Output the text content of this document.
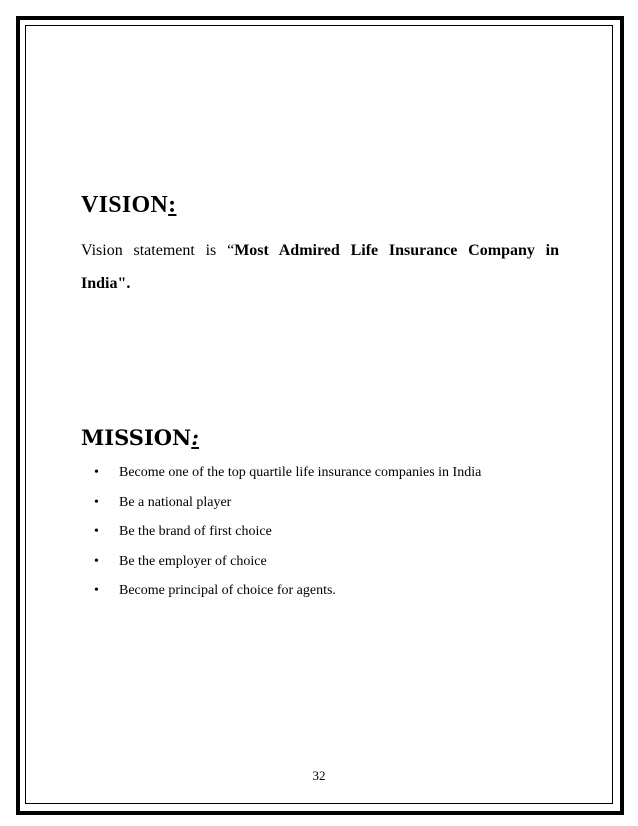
VISION:

Vision statement is “Most Admired Life Insurance Company in India".

MISSION:
• Become one of the top quartile life insurance companies in India
• Be a national player
• Be the brand of first choice
• Be the employer of choice
• Become principal of choice for agents.

32
